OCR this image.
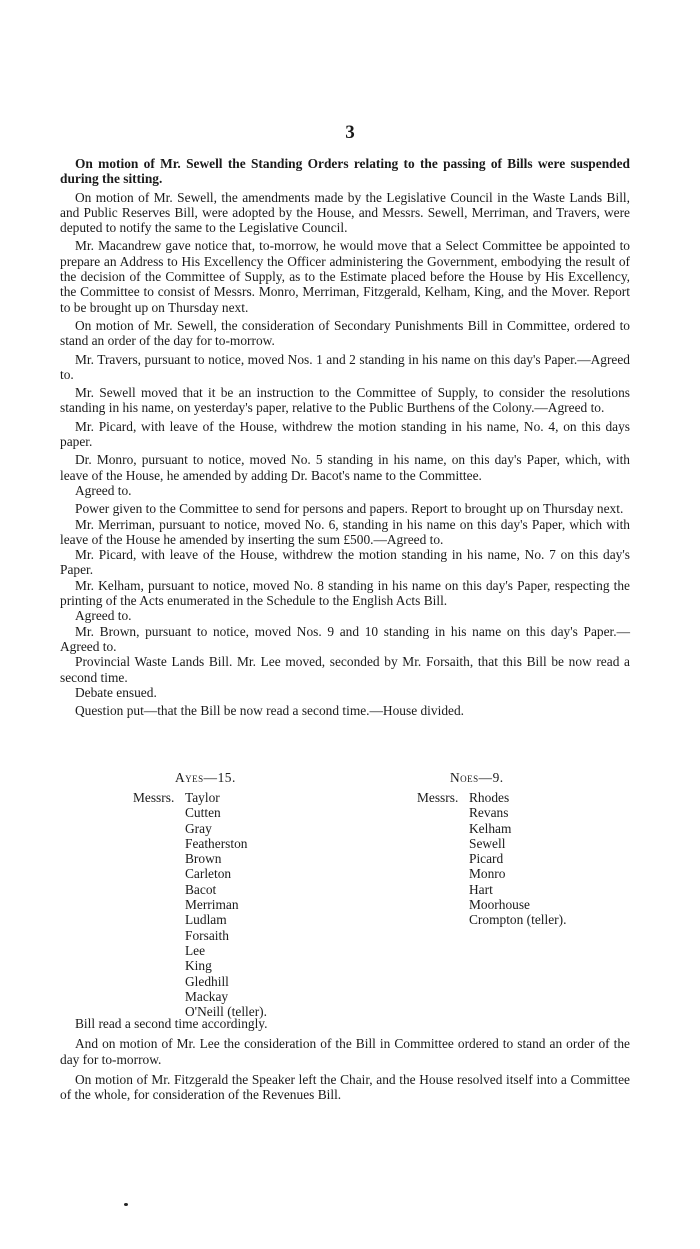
3

On motion of Mr. Sewell the Standing Orders relating to the passing of Bills were suspended during the sitting.

On motion of Mr. Sewell, the amendments made by the Legislative Council in the Waste Lands Bill, and Public Reserves Bill, were adopted by the House, and Messrs. Sewell, Merriman, and Travers, were deputed to notify the same to the Legislative Council.

Mr. Macandrew gave notice that, to-morrow, he would move that a Select Committee be appointed to prepare an Address to His Excellency the Officer administering the Government, embodying the result of the decision of the Committee of Supply, as to the Estimate placed before the House by His Excellency, the Committee to consist of Messrs. Monro, Merriman, Fitzgerald, Kelham, King, and the Mover. Report to be brought up on Thursday next.

On motion of Mr. Sewell, the consideration of Secondary Punishments Bill in Committee, ordered to stand an order of the day for to-morrow.

Mr. Travers, pursuant to notice, moved Nos. 1 and 2 standing in his name on this day's Paper.—Agreed to.

Mr. Sewell moved that it be an instruction to the Committee of Supply, to consider the resolutions standing in his name, on yesterday's paper, relative to the Public Burthens of the Colony.—Agreed to.

Mr. Picard, with leave of the House, withdrew the motion standing in his name, No. 4, on this days paper.

Dr. Monro, pursuant to notice, moved No. 5 standing in his name, on this day's Paper, which, with leave of the House, he amended by adding Dr. Bacot's name to the Committee.

Agreed to.

Power given to the Committee to send for persons and papers. Report to brought up on Thursday next.

Mr. Merriman, pursuant to notice, moved No. 6, standing in his name on this day's Paper, which with leave of the House he amended by inserting the sum £500.—Agreed to.

Mr. Picard, with leave of the House, withdrew the motion standing in his name, No. 7 on this day's Paper.

Mr. Kelham, pursuant to notice, moved No. 8 standing in his name on this day's Paper, respecting the printing of the Acts enumerated in the Schedule to the English Acts Bill.

Agreed to.

Mr. Brown, pursuant to notice, moved Nos. 9 and 10 standing in his name on this day's Paper.—Agreed to.

Provincial Waste Lands Bill. Mr. Lee moved, seconded by Mr. Forsaith, that this Bill be now read a second time.

Debate ensued.

Question put—that the Bill be now read a second time.—House divided.

Ayes—15.	Noes—9.
Messrs. Taylor
Cutten
Gray
Featherston
Brown
Carleton
Bacot
Merriman
Ludlam
Forsaith
Lee
King
Gledhill
Mackay
O'Neill (teller).
Messrs. Rhodes
Revans
Kelham
Sewell
Picard
Monro
Hart
Moorhouse
Crompton (teller).

Bill read a second time accordingly.

And on motion of Mr. Lee the consideration of the Bill in Committee ordered to stand an order of the day for to-morrow.

On motion of Mr. Fitzgerald the Speaker left the Chair, and the House resolved itself into a Committee of the whole, for consideration of the Revenues Bill.
